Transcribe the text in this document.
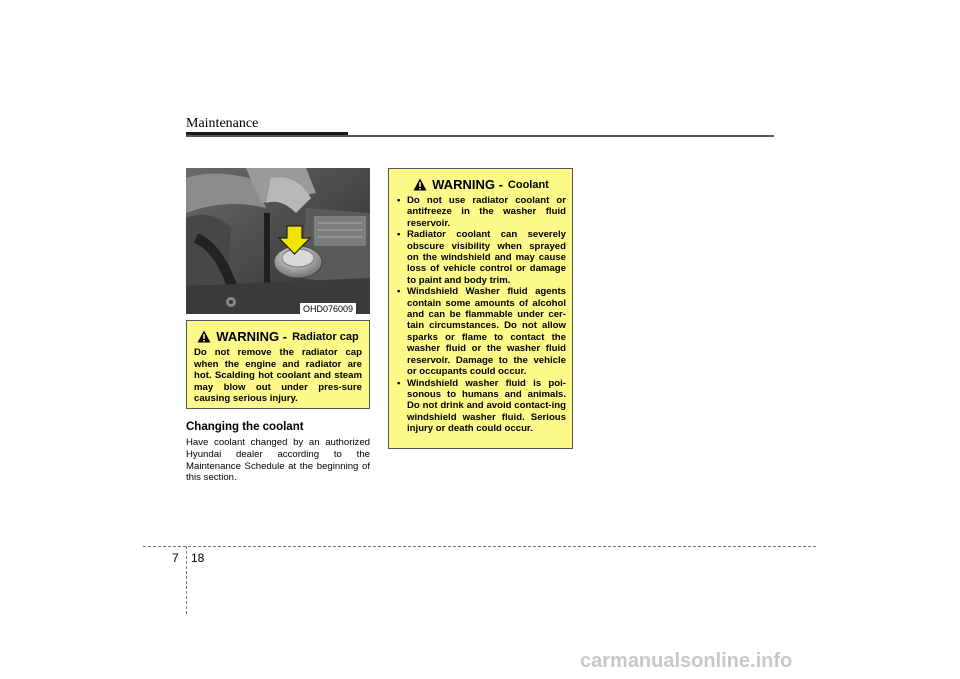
Maintenance
OHD076009
WARNING - Radiator cap
Do not remove the radiator cap when the engine and radiator are hot. Scalding hot coolant and steam may blow out under pres-sure causing serious injury.
Changing the coolant
Have coolant changed by an authorized Hyundai dealer according to the Maintenance Schedule at the beginning of this section.
WARNING - Coolant
• Do not use radiator coolant or antifreeze in the washer fluid reservoir.
• Radiator coolant can severely obscure visibility when sprayed on the windshield and may cause loss of vehicle control or damage to paint and body trim.
• Windshield Washer fluid agents contain some amounts of alcohol and can be flammable under cer-tain circumstances. Do not allow sparks or flame to contact the washer fluid or the washer fluid reservoir. Damage to the vehicle or occupants could occur.
• Windshield washer fluid is poi-sonous to humans and animals. Do not drink and avoid contact-ing windshield washer fluid. Serious injury or death could occur.
7 18
carmanualsonline.info
